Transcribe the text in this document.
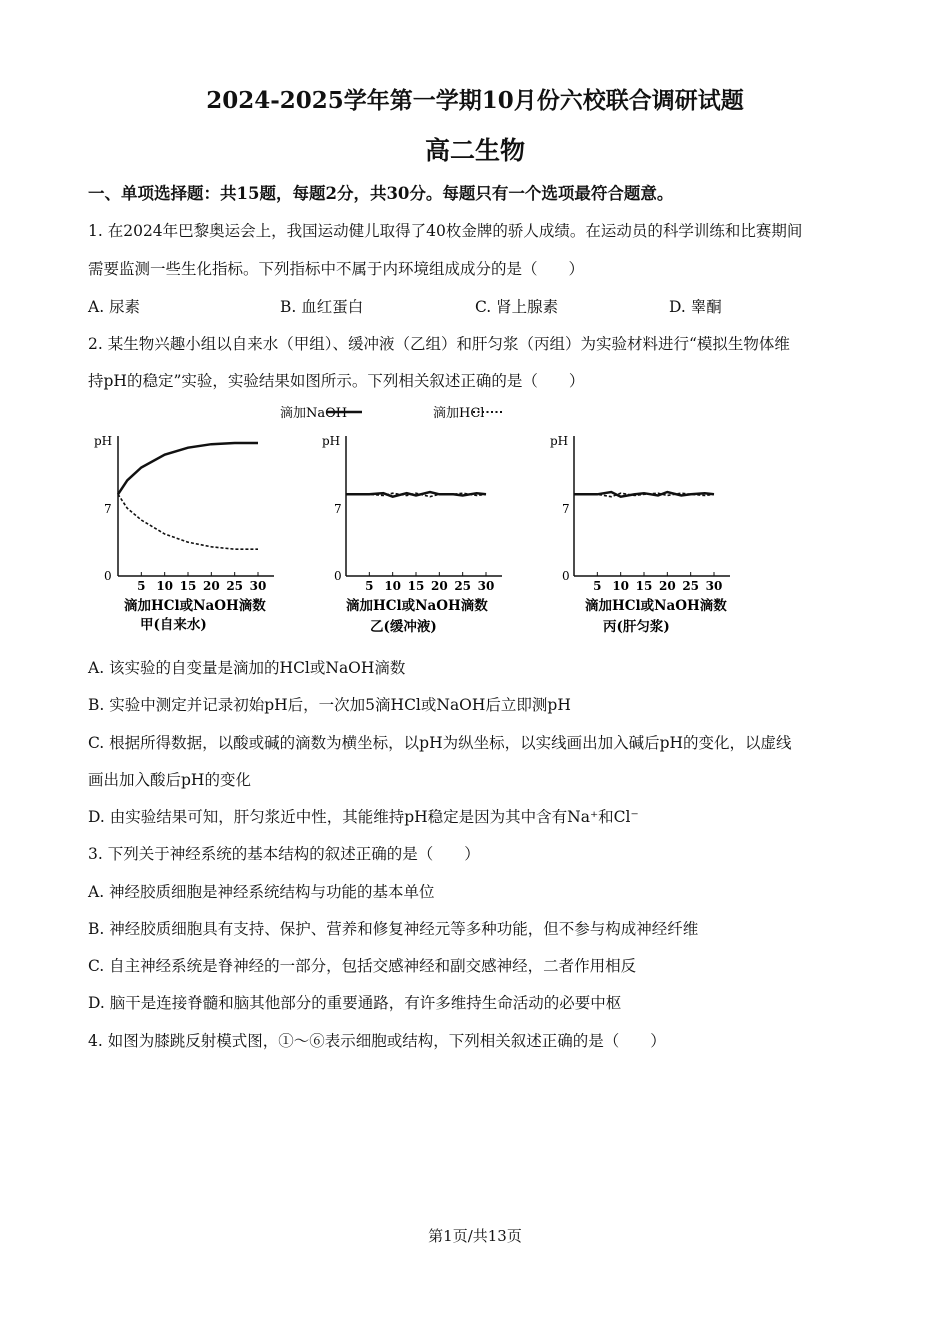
2024-2025学年第一学期10月份六校联合调研试题
高二生物
一、单项选择题：共15题，每题2分，共30分。每题只有一个选项最符合题意。
1. 在2024年巴黎奥运会上，我国运动健儿取得了40枚金牌的骄人成绩。在运动员的科学训练和比赛期间
需要监测一些生化指标。下列指标中不属于内环境组成成分的是（　　）
A. 尿素	B. 血红蛋白	C. 肾上腺素	D. 睾酮
2. 某生物兴趣小组以自来水（甲组）、缓冲液（乙组）和肝匀浆（丙组）为实验材料进行“模拟生物体维
持pH的稳定”实验，实验结果如图所示。下列相关叙述正确的是（　　）
滴加NaOH	滴加HCl
pH
7
0
滴加HCl或NaOH滴数
甲(自来水)
5 10 15 20 25 30
pH
7
0
滴加HCl或NaOH滴数
乙(缓冲液)
5 10 15 20 25 30
pH
7
0
滴加HCl或NaOH滴数
丙(肝匀浆)
5 10 15 20 25 30
A. 该实验的自变量是滴加的HCl或NaOH滴数
B. 实验中测定并记录初始pH后，一次加5滴HCl或NaOH后立即测pH
C. 根据所得数据，以酸或碱的滴数为横坐标，以pH为纵坐标，以实线画出加入碱后pH的变化，以虚线
画出加入酸后pH的变化
D. 由实验结果可知，肝匀浆近中性，其能维持pH稳定是因为其中含有Na⁺和Cl⁻
3. 下列关于神经系统的基本结构的叙述正确的是（　　）
A. 神经胶质细胞是神经系统结构与功能的基本单位
B. 神经胶质细胞具有支持、保护、营养和修复神经元等多种功能，但不参与构成神经纤维
C. 自主神经系统是脊神经的一部分，包括交感神经和副交感神经，二者作用相反
D. 脑干是连接脊髓和脑其他部分的重要通路，有许多维持生命活动的必要中枢
4. 如图为膝跳反射模式图，①～⑥表示细胞或结构，下列相关叙述正确的是（　　）
第1页/共13页
